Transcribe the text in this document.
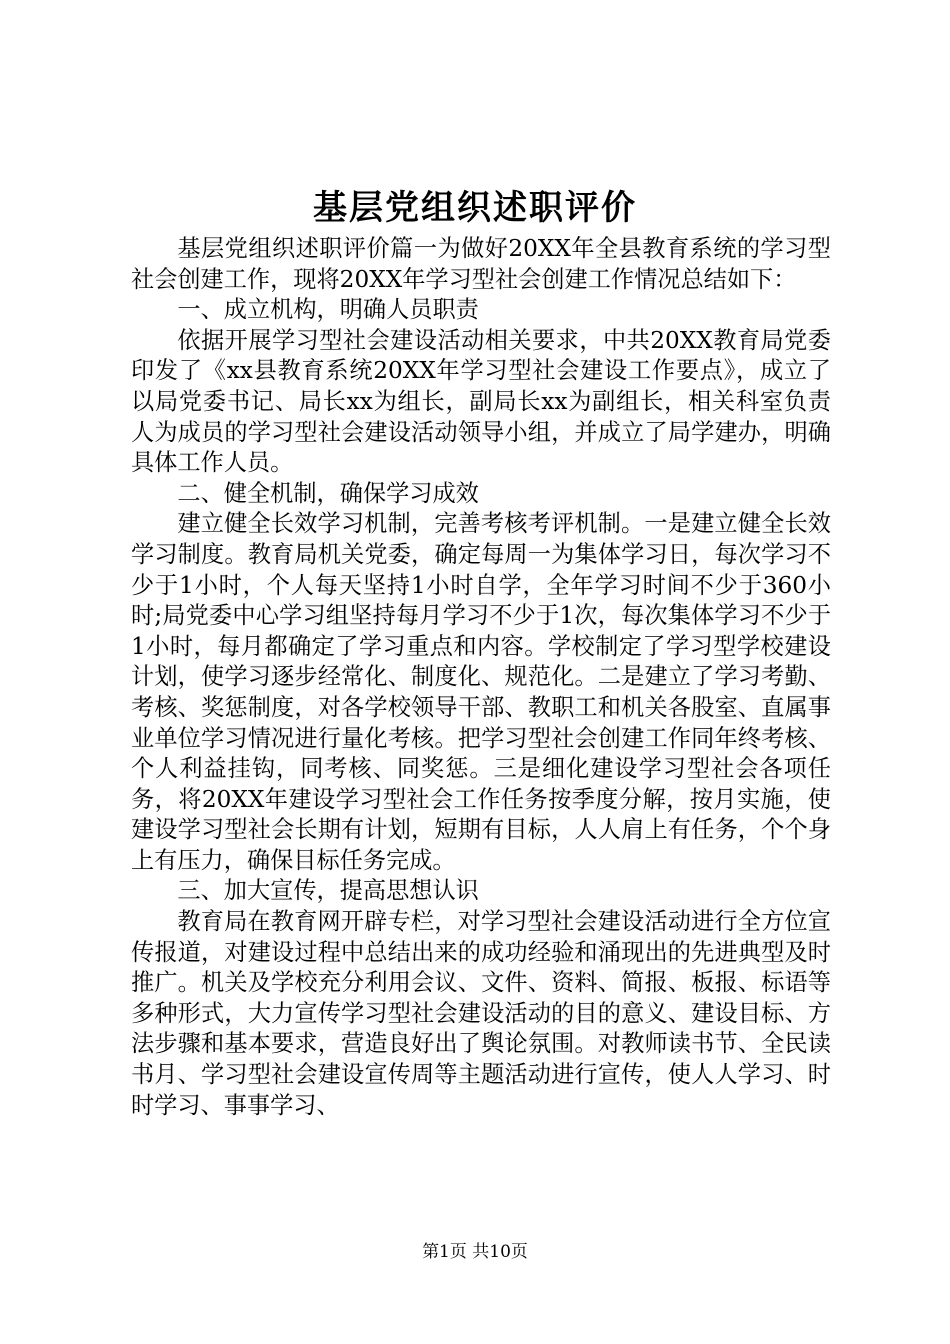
基层党组织述职评价

基层党组织述职评价篇一为做好20XX年全县教育系统的学习型社会创建工作，现将20XX年学习型社会创建工作情况总结如下：

一、成立机构，明确人员职责

依据开展学习型社会建设活动相关要求，中共20XX教育局党委印发了《xx县教育系统20XX年学习型社会建设工作要点》，成立了以局党委书记、局长xx为组长，副局长xx为副组长，相关科室负责人为成员的学习型社会建设活动领导小组，并成立了局学建办，明确具体工作人员。

二、健全机制，确保学习成效

建立健全长效学习机制，完善考核考评机制。一是建立健全长效学习制度。教育局机关党委，确定每周一为集体学习日，每次学习不少于1小时，个人每天坚持1小时自学，全年学习时间不少于360小时;局党委中心学习组坚持每月学习不少于1次，每次集体学习不少于1小时，每月都确定了学习重点和内容。学校制定了学习型学校建设计划，使学习逐步经常化、制度化、规范化。二是建立了学习考勤、考核、奖惩制度，对各学校领导干部、教职工和机关各股室、直属事业单位学习情况进行量化考核。把学习型社会创建工作同年终考核、个人利益挂钩，同考核、同奖惩。三是细化建设学习型社会各项任务，将20XX年建设学习型社会工作任务按季度分解，按月实施，使建设学习型社会长期有计划，短期有目标，人人肩上有任务，个个身上有压力，确保目标任务完成。

三、加大宣传，提高思想认识

教育局在教育网开辟专栏，对学习型社会建设活动进行全方位宣传报道，对建设过程中总结出来的成功经验和涌现出的先进典型及时推广。机关及学校充分利用会议、文件、资料、简报、板报、标语等多种形式，大力宣传学习型社会建设活动的目的意义、建设目标、方法步骤和基本要求，营造良好出了舆论氛围。对教师读书节、全民读书月、学习型社会建设宣传周等主题活动进行宣传，使人人学习、时时学习、事事学习、

第1页 共10页
